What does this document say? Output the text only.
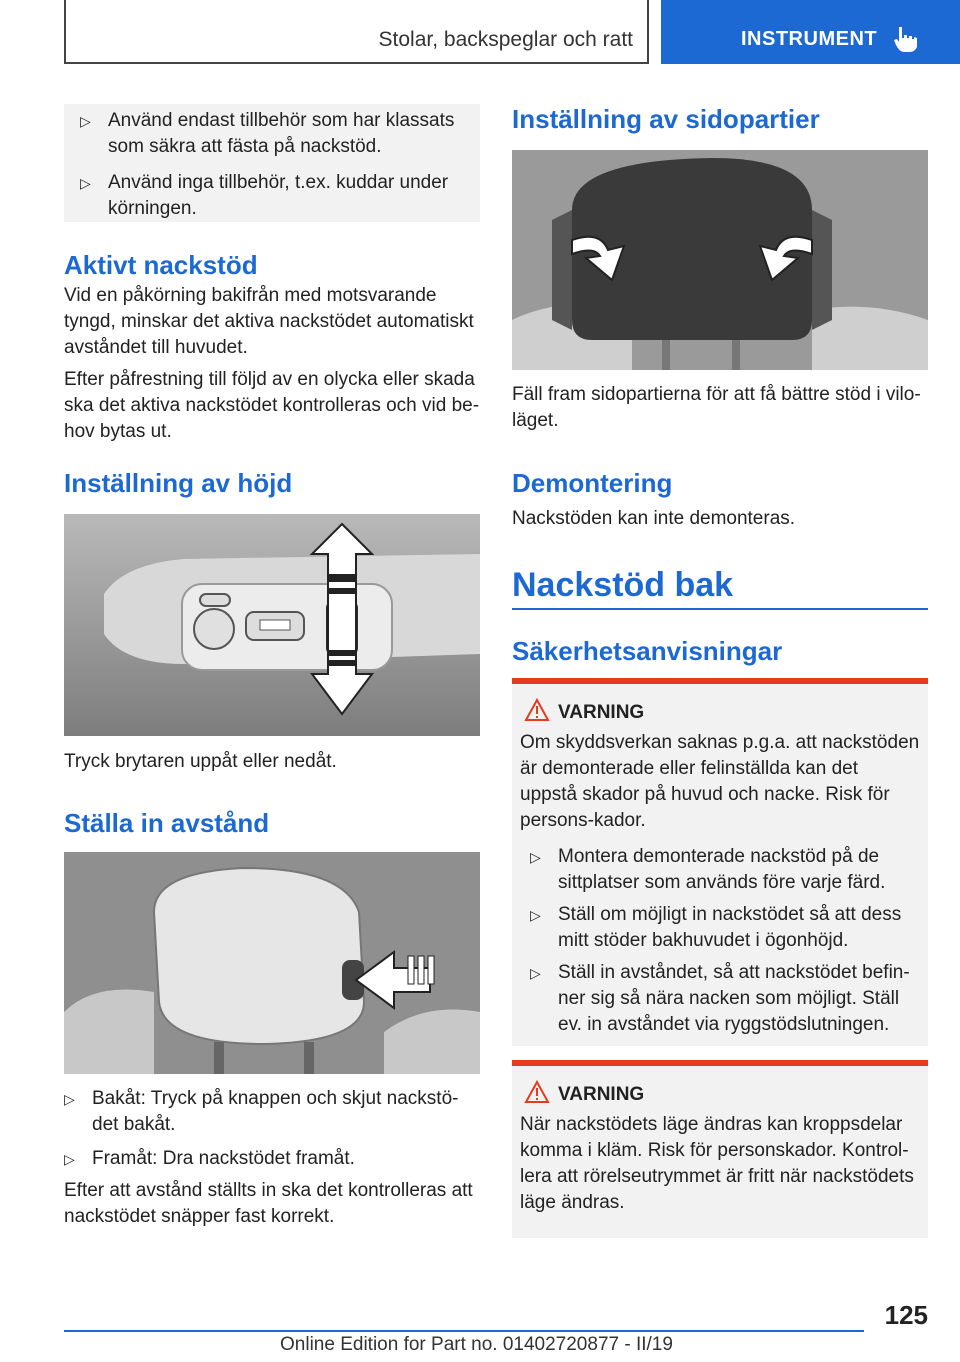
Stolar, backspeglar och ratt	INSTRUMENT
▷ Använd endast tillbehör som har klassats som säkra att fästa på nackstöd.
▷ Använd inga tillbehör, t.ex. kuddar under körningen.
Aktivt nackstöd

Vid en påkörning bakifrån med motsvarande tyngd, minskar det aktiva nackstödet automatiskt avståndet till huvudet.

Efter påfrestning till följd av en olycka eller skada ska det aktiva nackstödet kontrolleras och vid be-hov bytas ut.

Inställning av höjd

Tryck brytaren uppåt eller nedåt.

Ställa in avstånd
▷ Bakåt: Tryck på knappen och skjut nackstö-det bakåt.
▷ Framåt: Dra nackstödet framåt.

Efter att avstånd ställts in ska det kontrolleras att nackstödet snäpper fast korrekt.

Inställning av sidopartier

Fäll fram sidopartierna för att få bättre stöd i vilo-läget.

Demontering

Nackstöden kan inte demonteras.

Nackstöd bak
Säkerhetsanvisningar
VARNING

Om skyddsverkan saknas p.g.a. att nackstöden är demonterade eller felinställda kan det uppstå skador på huvud och nacke. Risk för persons-kador.

▷ Montera demonterade nackstöd på de sittplatser som används före varje färd.
▷ Ställ om möjligt in nackstödet så att dess mitt stöder bakhuvudet i ögonhöjd.
▷ Ställ in avståndet, så att nackstödet befin-ner sig så nära nacken som möjligt. Ställ ev. in avståndet via ryggstödslutningen.
VARNING

När nackstödets läge ändras kan kroppsdelar komma i kläm. Risk för personskador. Kontrol-lera att rörelseutrymmet är fritt när nackstödets läge ändras.

125
Online Edition for Part no. 01402720877 - II/19
